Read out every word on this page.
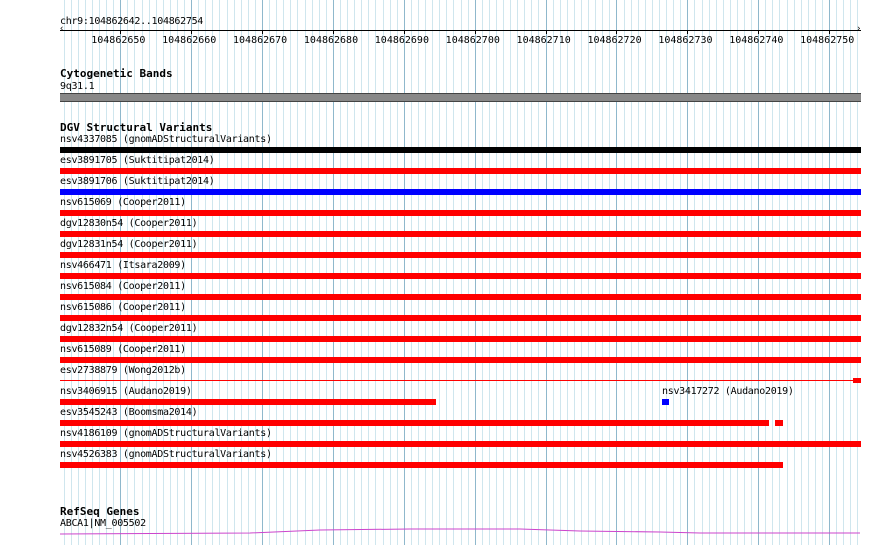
chr9:104862642..104862754
‹	›
104862650 104862660 104862670 104862680 104862690 104862700 104862710 104862720 104862730 104862740 104862750
Cytogenetic Bands
9q31.1
DGV Structural Variants
nsv4337085 (gnomADStructuralVariants)
esv3891705 (Suktitipat2014)
esv3891706 (Suktitipat2014)
nsv615069 (Cooper2011)
dgv12830n54 (Cooper2011)
dgv12831n54 (Cooper2011)
nsv466471 (Itsara2009)
nsv615084 (Cooper2011)
nsv615086 (Cooper2011)
dgv12832n54 (Cooper2011)
nsv615089 (Cooper2011)
esv2738879 (Wong2012b)
nsv3406915 (Audano2019)	nsv3417272 (Audano2019)
esv3545243 (Boomsma2014)
nsv4186109 (gnomADStructuralVariants)
nsv4526383 (gnomADStructuralVariants)
RefSeq Genes
ABCA1|NM_005502
